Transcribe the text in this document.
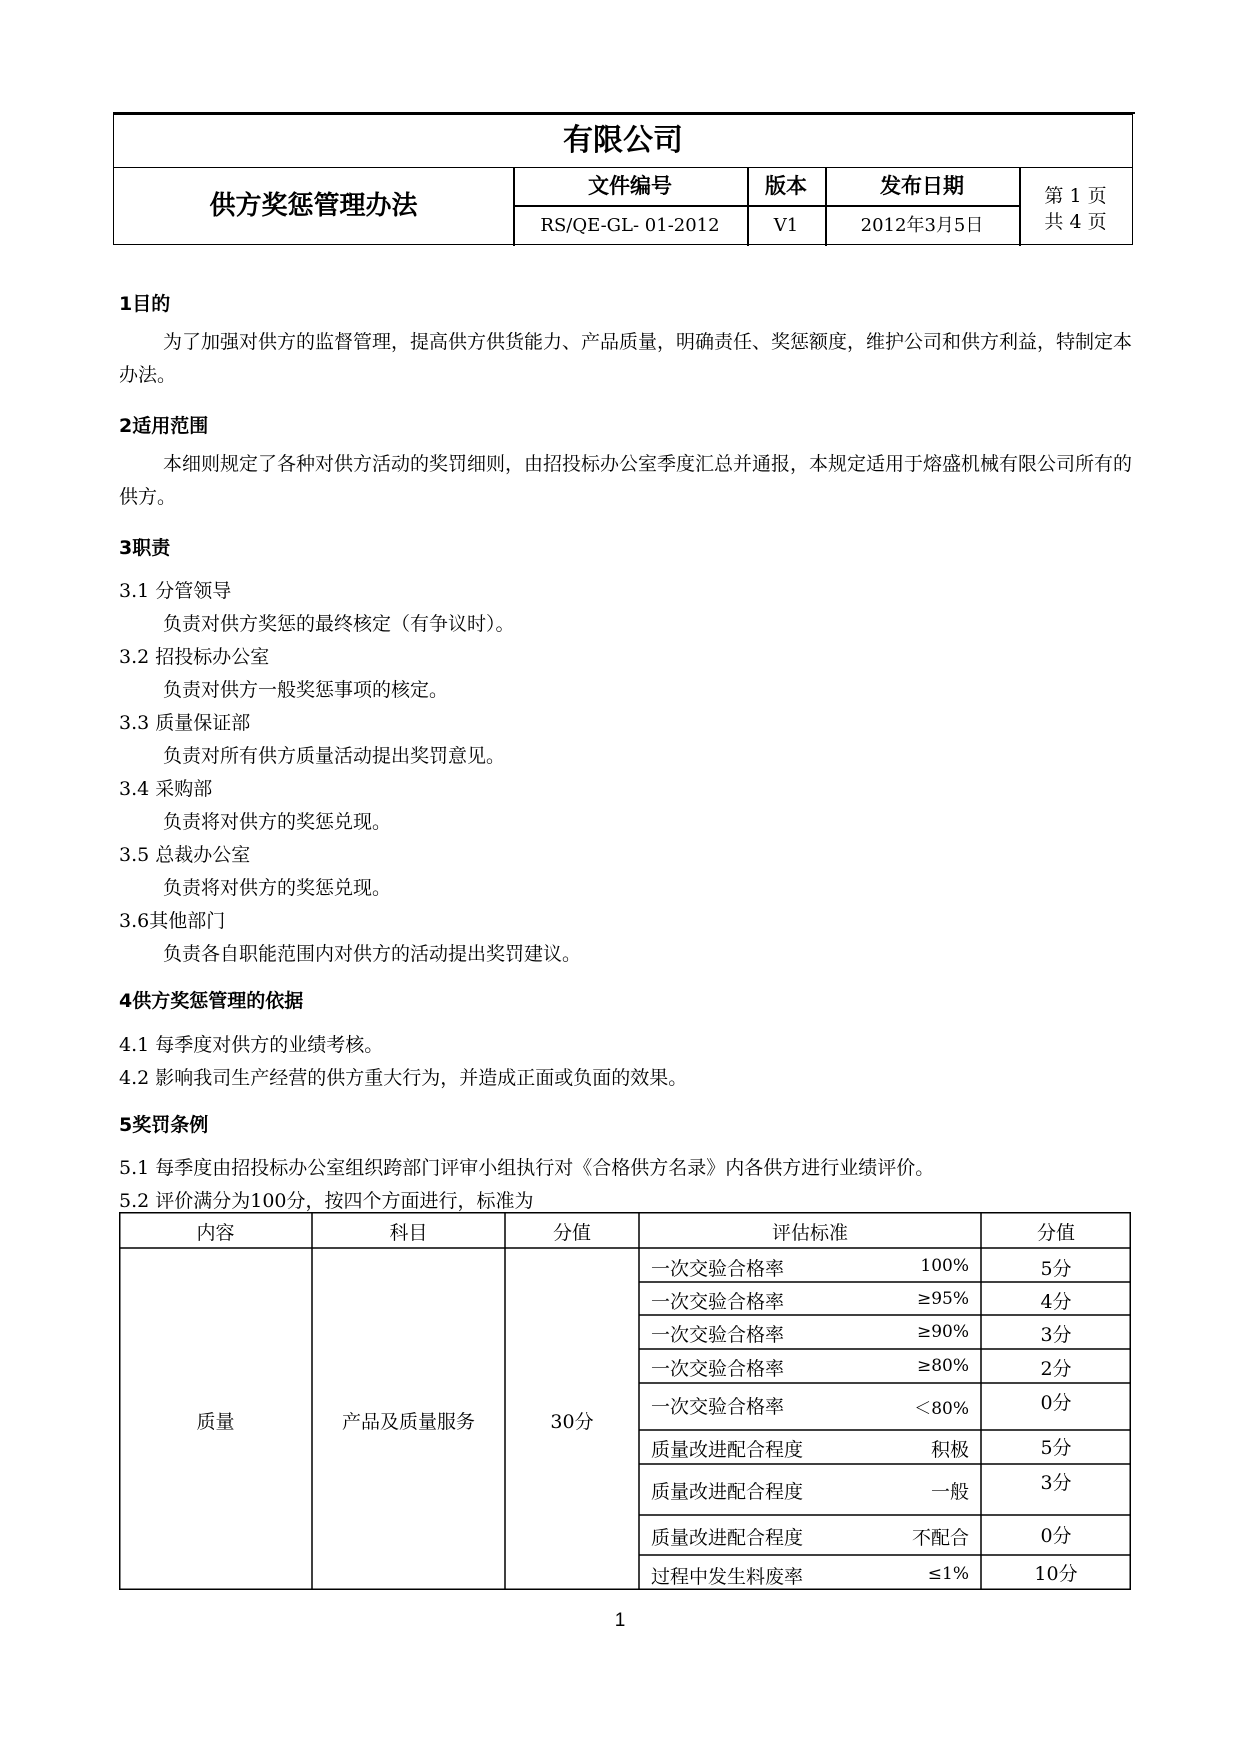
有限公司
供方奖惩管理办法
文件编号	版本	发布日期
RS/QE-GL- 01-2012	V1	2012年3月5日
第 1 页
共 4 页
1目的
为了加强对供方的监督管理，提高供方供货能力、产品质量，明确责任、奖惩额度，维护公司和供方利益，特制定本办法。
2适用范围
本细则规定了各种对供方活动的奖罚细则，由招投标办公室季度汇总并通报，本规定适用于熔盛机械有限公司所有的供方。
3职责
3.1 分管领导
负责对供方奖惩的最终核定（有争议时）。
3.2 招投标办公室
负责对供方一般奖惩事项的核定。
3.3 质量保证部
负责对所有供方质量活动提出奖罚意见。
3.4 采购部
负责将对供方的奖惩兑现。
3.5 总裁办公室
负责将对供方的奖惩兑现。
3.6其他部门
负责各自职能范围内对供方的活动提出奖罚建议。
4供方奖惩管理的依据
4.1 每季度对供方的业绩考核。
4.2 影响我司生产经营的供方重大行为，并造成正面或负面的效果。
5奖罚条例
5.1 每季度由招投标办公室组织跨部门评审小组执行对《合格供方名录》内各供方进行业绩评价。
5.2 评价满分为100分，按四个方面进行，标准为
内容	科目	分值	评估标准	分值
质量	产品及质量服务	30分
一次交验合格率	100%	5分
一次交验合格率	≥95%	4分
一次交验合格率	≥90%	3分
一次交验合格率	≥80%	2分
一次交验合格率	＜80%	0分
质量改进配合程度	积极	5分
质量改进配合程度	一般	3分
质量改进配合程度	不配合	0分
过程中发生料废率	≤1%	10分
1
